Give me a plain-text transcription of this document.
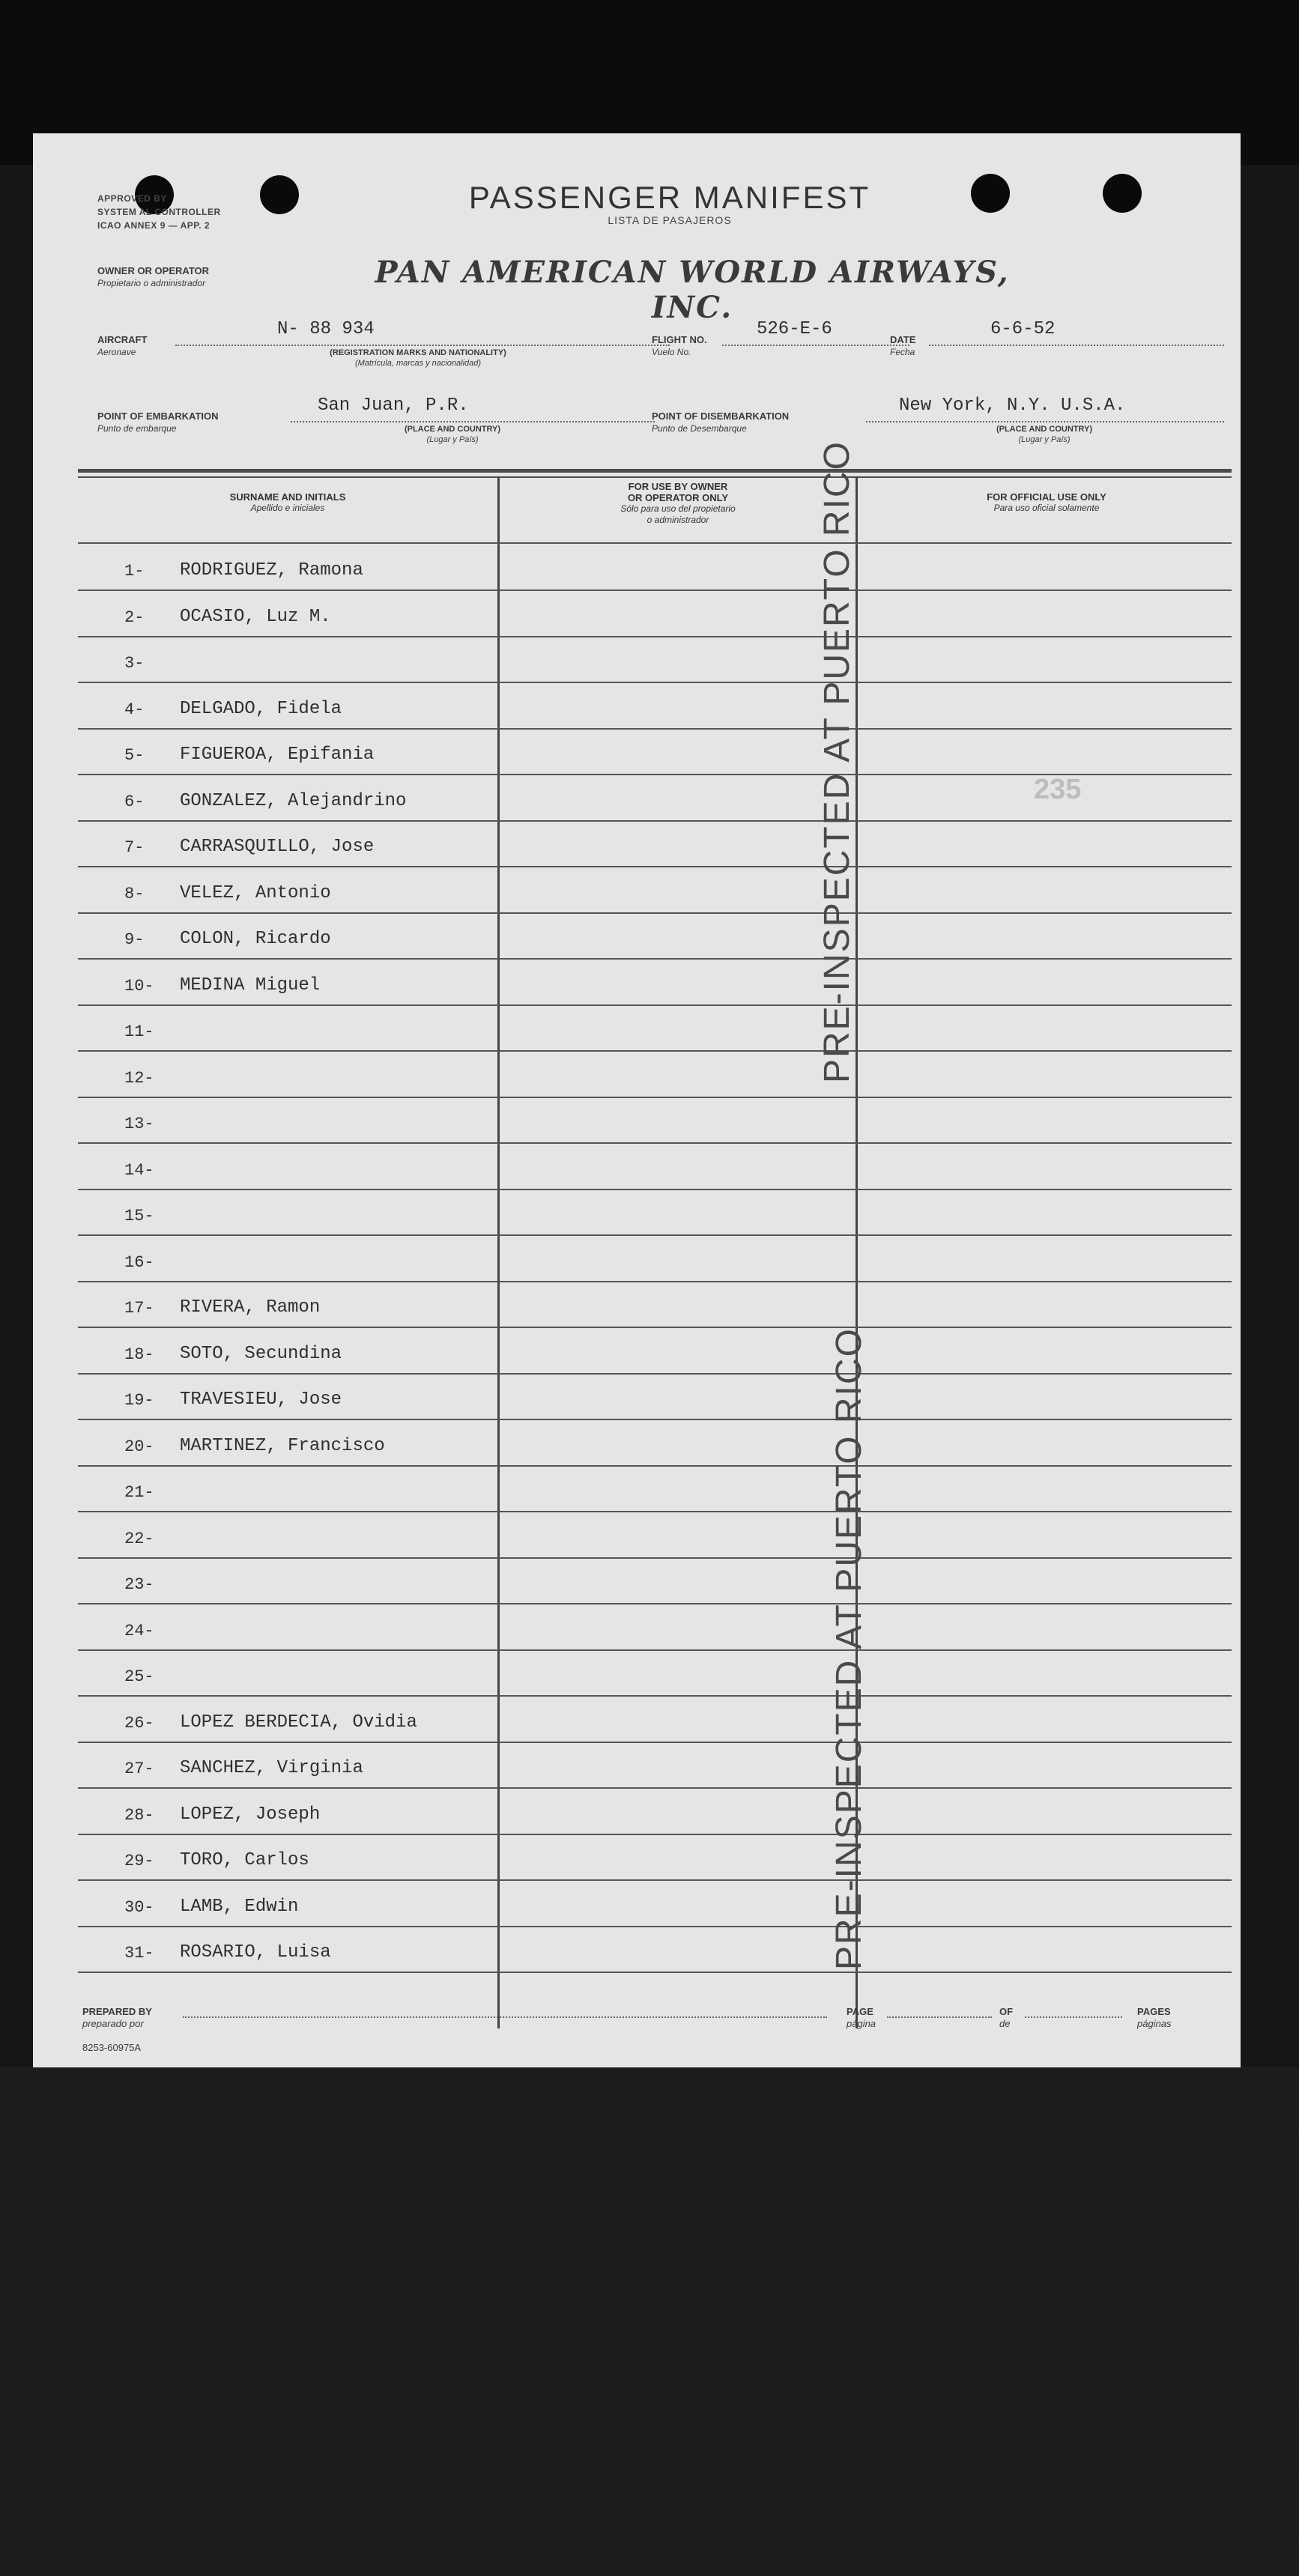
APPROVED BY
SYSTEM AL CONTROLLER
ICAO ANNEX 9 — APP. 2
PASSENGER MANIFEST
LISTA DE PASAJEROS
OWNER OR OPERATOR
Propietario o administrador	PAN AMERICAN WORLD AIRWAYS, INC.
AIRCRAFT
Aeronave
N- 88 934
(REGISTRATION MARKS AND NATIONALITY)
(Matrícula, marcas y nacionalidad)
FLIGHT NO.
Vuelo No.
526-E-6
DATE
Fecha
6-6-52
POINT OF EMBARKATION
Punto de embarque
San Juan, P.R.
(PLACE AND COUNTRY)
(Lugar y País)
POINT OF DISEMBARKATION
Punto de Desembarque
New York, N.Y. U.S.A.
(PLACE AND COUNTRY)
(Lugar y País)
SURNAME AND INITIALS
Apellido e iniciales
FOR USE BY OWNER
OR OPERATOR ONLY
Sólo para uso del propietario
o administrador
FOR OFFICIAL USE ONLY
Para uso oficial solamente
1- RODRIGUEZ, Ramona
2- OCASIO, Luz M.
3-
4- DELGADO, Fidela
5- FIGUEROA, Epifania
6- GONZALEZ, Alejandrino
7- CARRASQUILLO, Jose
8- VELEZ, Antonio
9- COLON, Ricardo
10- MEDINA Miguel
11-
12-
13-
14-
15-
16-
17- RIVERA, Ramon
18- SOTO, Secundina
19- TRAVESIEU, Jose
20- MARTINEZ, Francisco
21-
22-
23-
24-
25-
26- LOPEZ BERDECIA, Ovidia
27- SANCHEZ, Virginia
28- LOPEZ, Joseph
29- TORO, Carlos
30- LAMB, Edwin
31- ROSARIO, Luisa
PRE-INSPECTED AT PUERTO RICO
PRE-INSPECTED AT PUERTO RICO
235
PREPARED BY
preparado por
8253-60975A
PAGE
página
OF
de
PAGES
páginas
